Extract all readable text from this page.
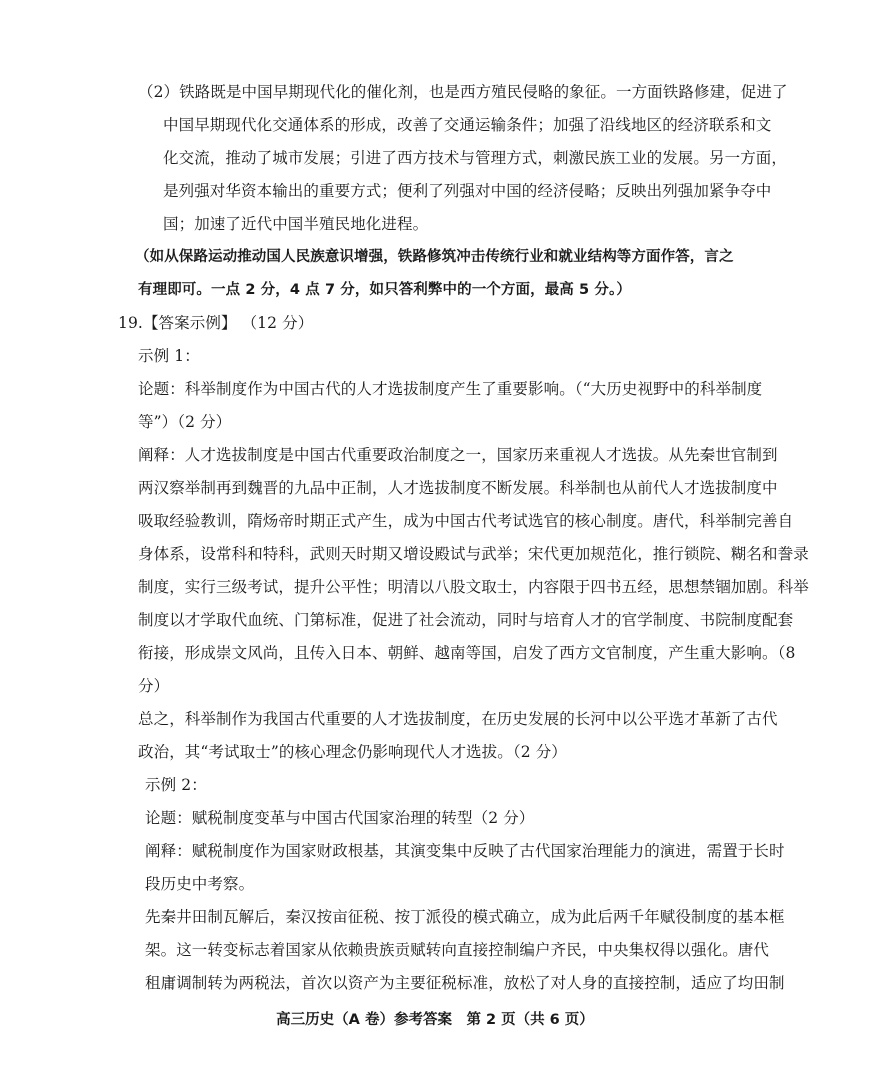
（2）铁路既是中国早期现代化的催化剂，也是西方殖民侵略的象征。一方面铁路修建，促进了
中国早期现代化交通体系的形成，改善了交通运输条件；加强了沿线地区的经济联系和文
化交流，推动了城市发展；引进了西方技术与管理方式，刺激民族工业的发展。另一方面，
是列强对华资本输出的重要方式；便利了列强对中国的经济侵略；反映出列强加紧争夺中
国；加速了近代中国半殖民地化进程。
（如从保路运动推动国人民族意识增强，铁路修筑冲击传统行业和就业结构等方面作答，言之
有理即可。一点 2 分，4 点 7 分，如只答利弊中的一个方面，最高 5 分。）
19.【答案示例】 （12 分）
示例 1：
论题：科举制度作为中国古代的人才选拔制度产生了重要影响。（“大历史视野中的科举制度
等”）（2 分）
阐释：人才选拔制度是中国古代重要政治制度之一，国家历来重视人才选拔。从先秦世官制到
两汉察举制再到魏晋的九品中正制，人才选拔制度不断发展。科举制也从前代人才选拔制度中
吸取经验教训，隋炀帝时期正式产生，成为中国古代考试选官的核心制度。唐代，科举制完善自
身体系，设常科和特科，武则天时期又增设殿试与武举；宋代更加规范化，推行锁院、糊名和誊录
制度，实行三级考试，提升公平性；明清以八股文取士，内容限于四书五经，思想禁锢加剧。科举
制度以才学取代血统、门第标准，促进了社会流动，同时与培育人才的官学制度、书院制度配套
衔接，形成崇文风尚，且传入日本、朝鲜、越南等国，启发了西方文官制度，产生重大影响。（8
分）
总之，科举制作为我国古代重要的人才选拔制度，在历史发展的长河中以公平选才革新了古代
政治，其“考试取士”的核心理念仍影响现代人才选拔。（2 分）
示例 2：
论题：赋税制度变革与中国古代国家治理的转型（2 分）
阐释：赋税制度作为国家财政根基，其演变集中反映了古代国家治理能力的演进，需置于长时
段历史中考察。
先秦井田制瓦解后，秦汉按亩征税、按丁派役的模式确立，成为此后两千年赋役制度的基本框
架。这一转变标志着国家从依赖贵族贡赋转向直接控制编户齐民，中央集权得以强化。唐代
租庸调制转为两税法，首次以资产为主要征税标准，放松了对人身的直接控制，适应了均田制
高三历史（A 卷）参考答案　第 2 页（共 6 页）
